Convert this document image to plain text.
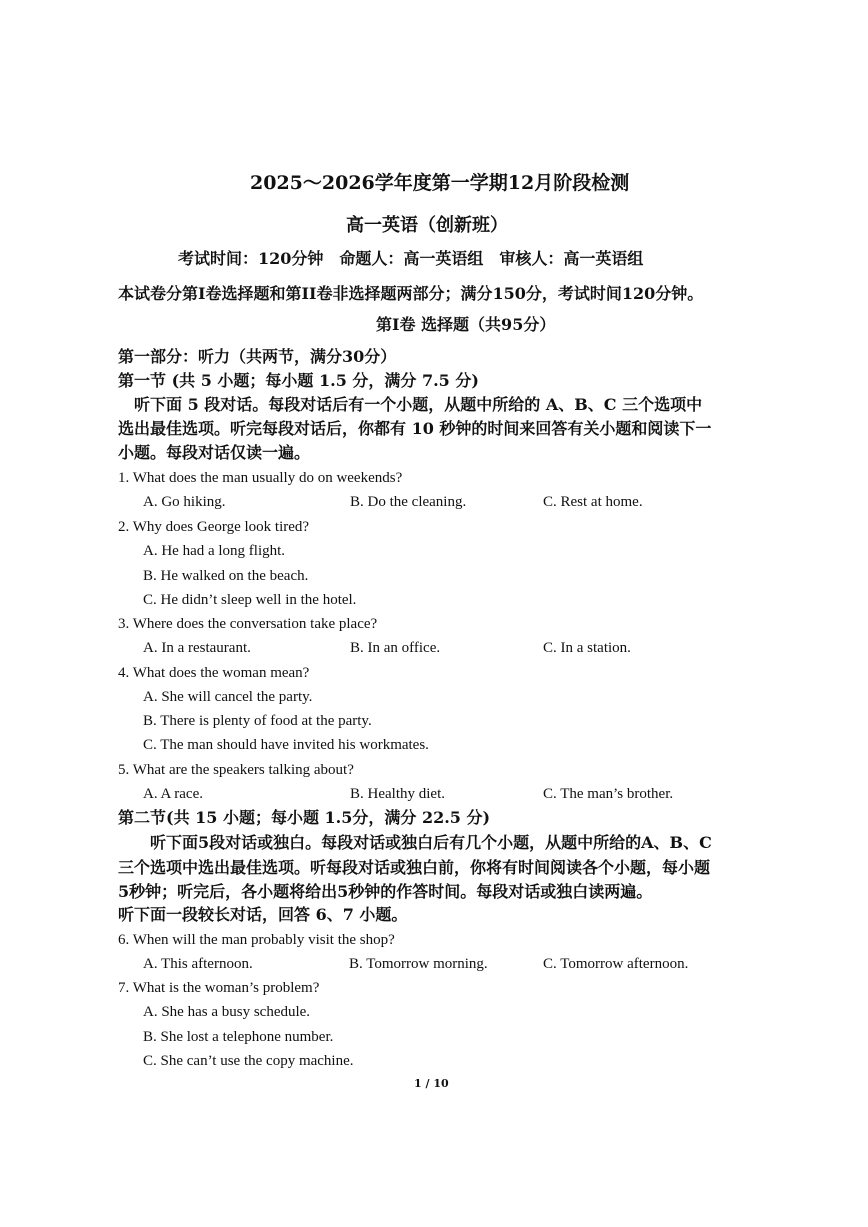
2025～2026学年度第一学期12月阶段检测
高一英语（创新班）
考试时间：120分钟　命题人：高一英语组　审核人：高一英语组
本试卷分第I卷选择题和第II卷非选择题两部分；满分150分，考试时间120分钟。
第I卷 选择题（共95分）
第一部分：听力（共两节，满分30分）
第一节 (共 5 小题；每小题 1.5 分，满分 7.5 分)
听下面 5 段对话。每段对话后有一个小题，从题中所给的 A、B、C 三个选项中
选出最佳选项。听完每段对话后，你都有 10 秒钟的时间来回答有关小题和阅读下一
小题。每段对话仅读一遍。
1. What does the man usually do on weekends?
A. Go hiking.	B. Do the cleaning.	C. Rest at home.
2. Why does George look tired?
A. He had a long flight.
B. He walked on the beach.
C. He didn’t sleep well in the hotel.
3. Where does the conversation take place?
A. In a restaurant.	B. In an office.	C. In a station.
4. What does the woman mean?
A. She will cancel the party.
B. There is plenty of food at the party.
C. The man should have invited his workmates.
5. What are the speakers talking about?
A. A race.	B. Healthy diet.	C. The man’s brother.
第二节(共 15 小题；每小题 1.5分，满分 22.5 分)
听下面5段对话或独白。每段对话或独白后有几个小题，从题中所给的A、B、C
三个选项中选出最佳选项。听每段对话或独白前，你将有时间阅读各个小题，每小题
5秒钟；听完后，各小题将给出5秒钟的作答时间。每段对话或独白读两遍。
听下面一段较长对话，回答 6、7 小题。
6. When will the man probably visit the shop?
A. This afternoon.	B. Tomorrow morning.	C. Tomorrow afternoon.
7. What is the woman’s problem?
A. She has a busy schedule.
B. She lost a telephone number.
C. She can’t use the copy machine.
1 / 10
